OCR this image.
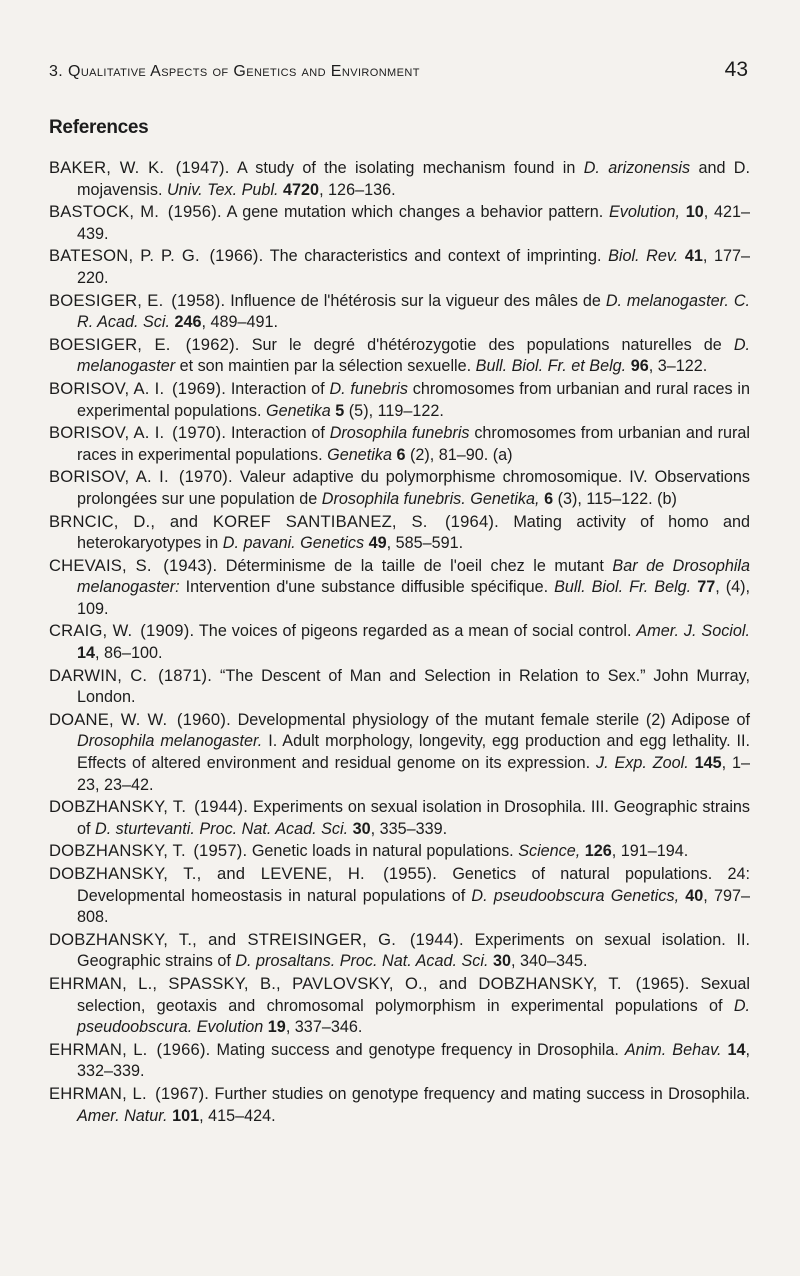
3. Qualitative Aspects of Genetics and Environment	43
References
BAKER, W. K. (1947). A study of the isolating mechanism found in D. arizonensis and D. mojavensis. Univ. Tex. Publ. 4720, 126–136.
BASTOCK, M. (1956). A gene mutation which changes a behavior pattern. Evolution, 10, 421–439.
BATESON, P. P. G. (1966). The characteristics and context of imprinting. Biol. Rev. 41, 177–220.
BOESIGER, E. (1958). Influence de l'hétérosis sur la vigueur des mâles de D. melanogaster. C. R. Acad. Sci. 246, 489–491.
BOESIGER, E. (1962). Sur le degré d'hétérozygotie des populations naturelles de D. melanogaster et son maintien par la sélection sexuelle. Bull. Biol. Fr. et Belg. 96, 3–122.
BORISOV, A. I. (1969). Interaction of D. funebris chromosomes from urbanian and rural races in experimental populations. Genetika 5 (5), 119–122.
BORISOV, A. I. (1970). Interaction of Drosophila funebris chromosomes from urbanian and rural races in experimental populations. Genetika 6 (2), 81–90. (a)
BORISOV, A. I. (1970). Valeur adaptive du polymorphisme chromosomique. IV. Observations prolongées sur une population de Drosophila funebris. Genetika, 6 (3), 115–122. (b)
BRNCIC, D., and KOREF SANTIBANEZ, S. (1964). Mating activity of homo and heterokaryotypes in D. pavani. Genetics 49, 585–591.
CHEVAIS, S. (1943). Déterminisme de la taille de l'oeil chez le mutant Bar de Drosophila melanogaster: Intervention d'une substance diffusible spécifique. Bull. Biol. Fr. Belg. 77, (4), 109.
CRAIG, W. (1909). The voices of pigeons regarded as a mean of social control. Amer. J. Sociol. 14, 86–100.
DARWIN, C. (1871). “The Descent of Man and Selection in Relation to Sex.” John Murray, London.
DOANE, W. W. (1960). Developmental physiology of the mutant female sterile (2) Adipose of Drosophila melanogaster. I. Adult morphology, longevity, egg production and egg lethality. II. Effects of altered environment and residual genome on its expression. J. Exp. Zool. 145, 1–23, 23–42.
DOBZHANSKY, T. (1944). Experiments on sexual isolation in Drosophila. III. Geographic strains of D. sturtevanti. Proc. Nat. Acad. Sci. 30, 335–339.
DOBZHANSKY, T. (1957). Genetic loads in natural populations. Science, 126, 191–194.
DOBZHANSKY, T., and LEVENE, H. (1955). Genetics of natural populations. 24: Developmental homeostasis in natural populations of D. pseudoobscura Genetics, 40, 797–808.
DOBZHANSKY, T., and STREISINGER, G. (1944). Experiments on sexual isolation. II. Geographic strains of D. prosaltans. Proc. Nat. Acad. Sci. 30, 340–345.
EHRMAN, L., SPASSKY, B., PAVLOVSKY, O., and DOBZHANSKY, T. (1965). Sexual selection, geotaxis and chromosomal polymorphism in experimental populations of D. pseudoobscura. Evolution 19, 337–346.
EHRMAN, L. (1966). Mating success and genotype frequency in Drosophila. Anim. Behav. 14, 332–339.
EHRMAN, L. (1967). Further studies on genotype frequency and mating success in Drosophila. Amer. Natur. 101, 415–424.
